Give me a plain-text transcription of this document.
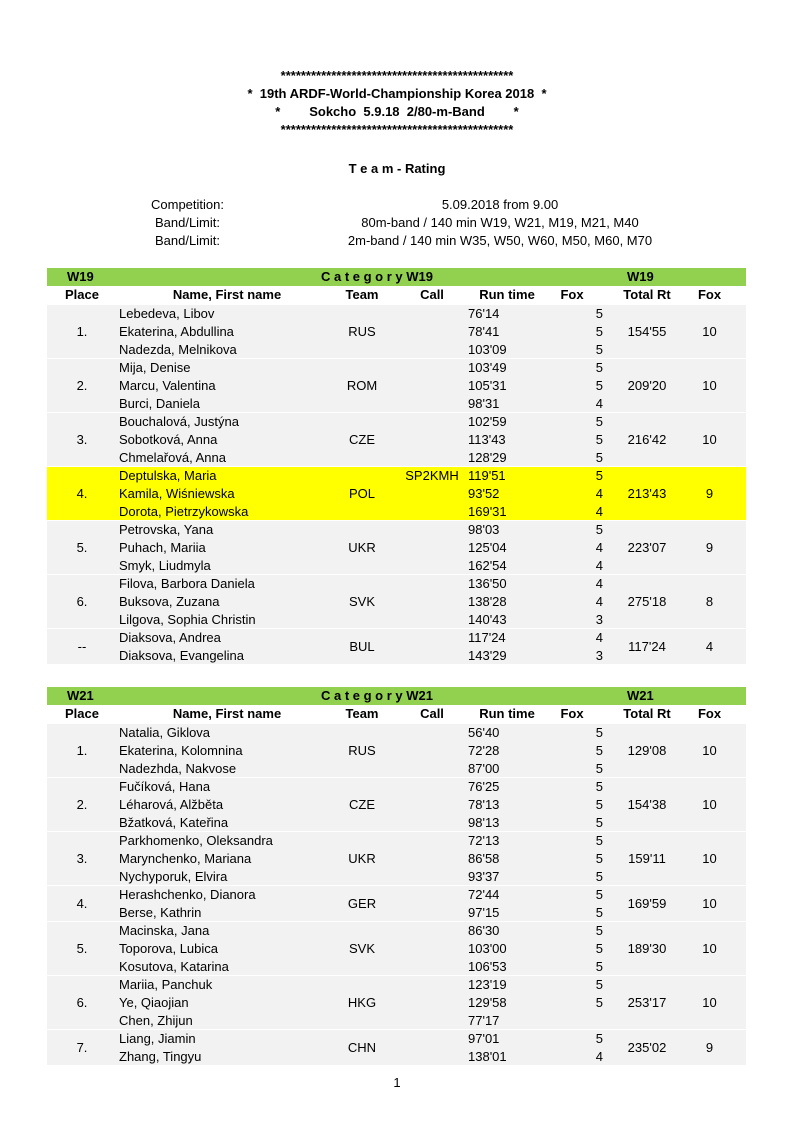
**********************************************
*  19th ARDF-World-Championship Korea 2018  *
*        Sokcho  5.9.18  2/80-m-Band        *
**********************************************
T e a m - Rating
Competition:	5.09.2018 from 9.00
Band/Limit:	80m-band / 140 min W19, W21, M19, M21, M40
Band/Limit:	2m-band / 140 min W35, W50, W60, M50, M60, M70
W19	C a t e g o r y W19	W19
Place	Name, First name	Team	Call	Run time	Fox	Total Rt	Fox
1.	RUS	154'55	10
Lebedeva, Libov	76'14	5
Ekaterina, Abdullina	78'41	5
Nadezda, Melnikova	103'09	5
2.	ROM	209'20	10
Mija, Denise	103'49	5
Marcu, Valentina	105'31	5
Burci, Daniela	98'31	4
3.	CZE	216'42	10
Bouchalová, Justýna	102'59	5
Sobotková, Anna	113'43	5
Chmelařová, Anna	128'29	5
4.	POL	213'43	9
Deptulska, Maria	SP2KMH 119'51	5
Kamila, Wiśniewska	93'52	4
Dorota, Pietrzykowska	169'31	4
5.	UKR	223'07	9
Petrovska, Yana	98'03	5
Puhach, Mariia	125'04	4
Smyk, Liudmyla	162'54	4
6.	SVK	275'18	8
Filova, Barbora Daniela	136'50	4
Buksova, Zuzana	138'28	4
Lilgova, Sophia Christin	140'43	3
--	BUL	117'24	4
Diaksova, Andrea	117'24	4
Diaksova, Evangelina	143'29	3
W21	C a t e g o r y W21	W21
Place	Name, First name	Team	Call	Run time	Fox	Total Rt	Fox
1.	RUS	129'08	10
Natalia, Giklova	56'40	5
Ekaterina, Kolomnina	72'28	5
Nadezhda, Nakvose	87'00	5
2.	CZE	154'38	10
Fučíková, Hana	76'25	5
Léharová, Alžběta	78'13	5
Bžatková, Kateřina	98'13	5
3.	UKR	159'11	10
Parkhomenko, Oleksandra	72'13	5
Marynchenko, Mariana	86'58	5
Nychyporuk, Elvira	93'37	5
4.	GER	169'59	10
Herashchenko, Dianora	72'44	5
Berse, Kathrin	97'15	5
5.	SVK	189'30	10
Macinska, Jana	86'30	5
Toporova, Lubica	103'00	5
Kosutova, Katarina	106'53	5
6.	HKG	253'17	10
Mariia, Panchuk	123'19	5
Ye, Qiaojian	129'58	5
Chen, Zhijun	77'17
7.	CHN	235'02	9
Liang, Jiamin	97'01	5
Zhang, Tingyu	138'01	4
1
